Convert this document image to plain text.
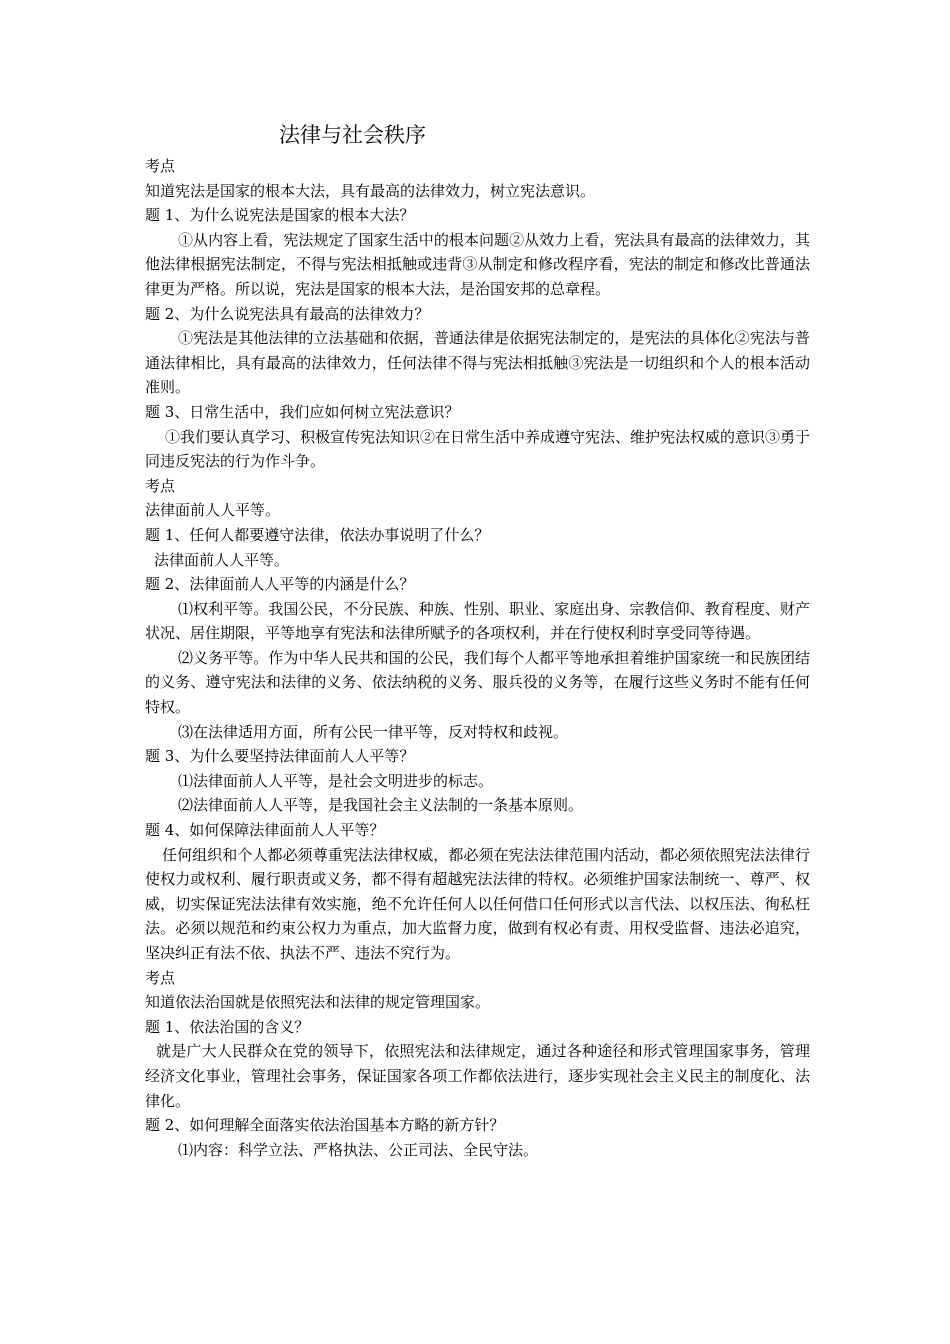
法律与社会秩序

考点

知道宪法是国家的根本大法，具有最高的法律效力，树立宪法意识。

题 1、为什么说宪法是国家的根本大法？

①从内容上看，宪法规定了国家生活中的根本问题②从效力上看，宪法具有最高的法律效力，其他法律根据宪法制定，不得与宪法相抵触或违背③从制定和修改程序看，宪法的制定和修改比普通法律更为严格。所以说，宪法是国家的根本大法，是治国安邦的总章程。

题 2、为什么说宪法具有最高的法律效力？

①宪法是其他法律的立法基础和依据，普通法律是依据宪法制定的，是宪法的具体化②宪法与普通法律相比，具有最高的法律效力，任何法律不得与宪法相抵触③宪法是一切组织和个人的根本活动准则。

题 3、日常生活中，我们应如何树立宪法意识？

①我们要认真学习、积极宣传宪法知识②在日常生活中养成遵守宪法、维护宪法权威的意识③勇于同违反宪法的行为作斗争。

考点

法律面前人人平等。

题 1、任何人都要遵守法律，依法办事说明了什么？

法律面前人人平等。

题 2、法律面前人人平等的内涵是什么？

⑴权利平等。我国公民，不分民族、种族、性别、职业、家庭出身、宗教信仰、教育程度、财产状况、居住期限，平等地享有宪法和法律所赋予的各项权利，并在行使权利时享受同等待遇。

⑵义务平等。作为中华人民共和国的公民，我们每个人都平等地承担着维护国家统一和民族团结的义务、遵守宪法和法律的义务、依法纳税的义务、服兵役的义务等，在履行这些义务时不能有任何特权。

⑶在法律适用方面，所有公民一律平等，反对特权和歧视。

题 3、为什么要坚持法律面前人人平等？

⑴法律面前人人平等，是社会文明进步的标志。

⑵法律面前人人平等，是我国社会主义法制的一条基本原则。

题 4、如何保障法律面前人人平等？

任何组织和个人都必须尊重宪法法律权威，都必须在宪法法律范围内活动，都必须依照宪法法律行使权力或权利、履行职责或义务，都不得有超越宪法法律的特权。必须维护国家法制统一、尊严、权威，切实保证宪法法律有效实施，绝不允许任何人以任何借口任何形式以言代法、以权压法、徇私枉法。必须以规范和约束公权力为重点，加大监督力度，做到有权必有责、用权受监督、违法必追究，坚决纠正有法不依、执法不严、违法不究行为。

考点

知道依法治国就是依照宪法和法律的规定管理国家。

题 1、依法治国的含义？

就是广大人民群众在党的领导下，依照宪法和法律规定，通过各种途径和形式管理国家事务，管理经济文化事业，管理社会事务，保证国家各项工作都依法进行，逐步实现社会主义民主的制度化、法律化。

题 2、如何理解全面落实依法治国基本方略的新方针？

⑴内容：科学立法、严格执法、公正司法、全民守法。
